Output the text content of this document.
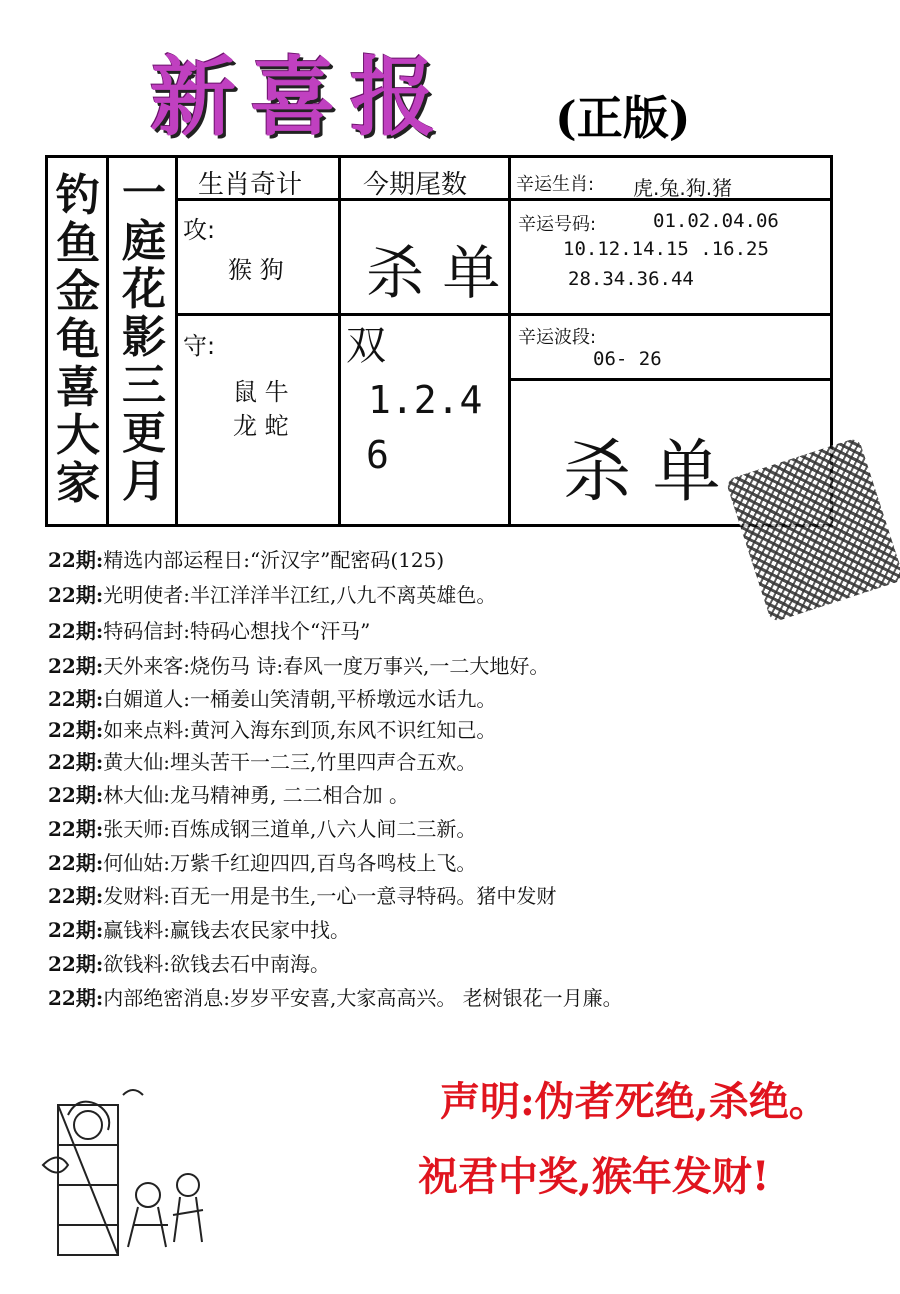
新喜报 (正版)
钓鱼金龟喜大家
一庭花影三更月
生肖奇计 今期尾数	辛运生肖: 虎.兔.狗.猪
攻:
猴 狗 杀 单
辛运号码:	01.02.04.06
10.12.14.15 .16.25
28.34.36.44
守:
鼠 牛
龙 蛇
双
1.2.4
6
辛运波段:
06- 26
杀 单
22期:精选内部运程日:“沂汉字”配密码(125)
22期:光明使者:半江洋洋半江红,八九不离英雄色。
22期:特码信封:特码心想找个“汗马”
22期:天外来客:烧伤马 诗:春风一度万事兴,一二大地好。
22期:白媚道人:一桶姜山笑清朝,平桥墩远水话九。
22期:如来点料:黄河入海东到顶,东风不识红知己。
22期:黄大仙:埋头苦干一二三,竹里四声合五欢。
22期:林大仙:龙马精神勇, 二二相合加 。
22期:张天师:百炼成钢三道单,八六人间二三新。
22期:何仙姑:万紫千红迎四四,百鸟各鸣枝上飞。
22期:发财料:百无一用是书生,一心一意寻特码。猪中发财
22期:赢钱料:赢钱去农民家中找。
22期:欲钱料:欲钱去石中南海。
22期:内部绝密消息:岁岁平安喜,大家高高兴。 老树银花一月廉。
声明:伪者死绝,杀绝。
祝君中奖,猴年发财!
